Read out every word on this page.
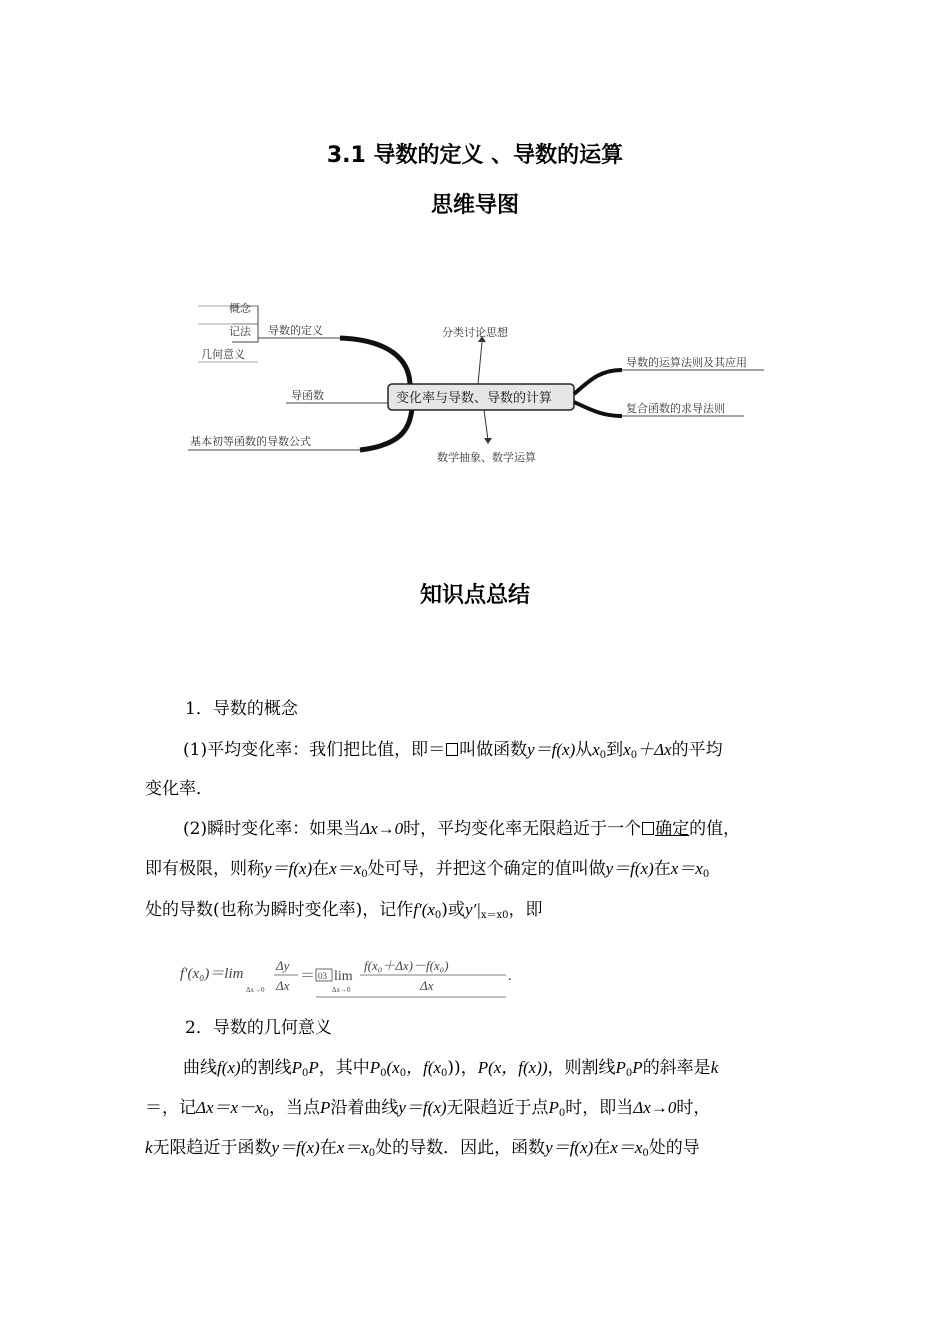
3.1 导数的定义 、导数的运算
思维导图
概念
记法
几何意义
导数的定义
导函数
基本初等函数的导数公式
变化率与导数、导数的计算
分类讨论思想
数学抽象、数学运算
导数的运算法则及其应用
复合函数的求导法则
知识点总结
1．导数的概念
(1)平均变化率：我们把比值，即＝ 叫做函数y＝f(x)从$x_0$到$x_0+\Delta x$的平均
变化率．
(2)瞬时变化率：如果当Δx→0时，平均变化率无限趋近于一个 确定的值，
即有极限，则称y＝f(x)在$x=x_0$处可导，并把这个确定的值叫做y＝f(x)在$x=x_0$
处的导数(也称为瞬时变化率)，记作$f'(x_0)$或$y'|_{x=x0}$，即
f′(x₀)＝lim
Δx→0
Δy
Δx
＝ 03 lim
Δx→0
f(x₀＋Δx)－f(x₀)
Δx
.
2．导数的几何意义
曲线f(x)的割线$P_0P$，其中$P_0(x_0$，$f(x_0)$)，P(x，f(x))，则割线$P_0P$的斜率是k
＝，记$\Delta x=x-x_0$，当点P沿着曲线y＝f(x)无限趋近于点$P_0$时，即当Δx→0时，
k无限趋近于函数y＝f(x)在$x=x_0$处的导数．因此，函数y＝f(x)在$x=x_0$处的导
